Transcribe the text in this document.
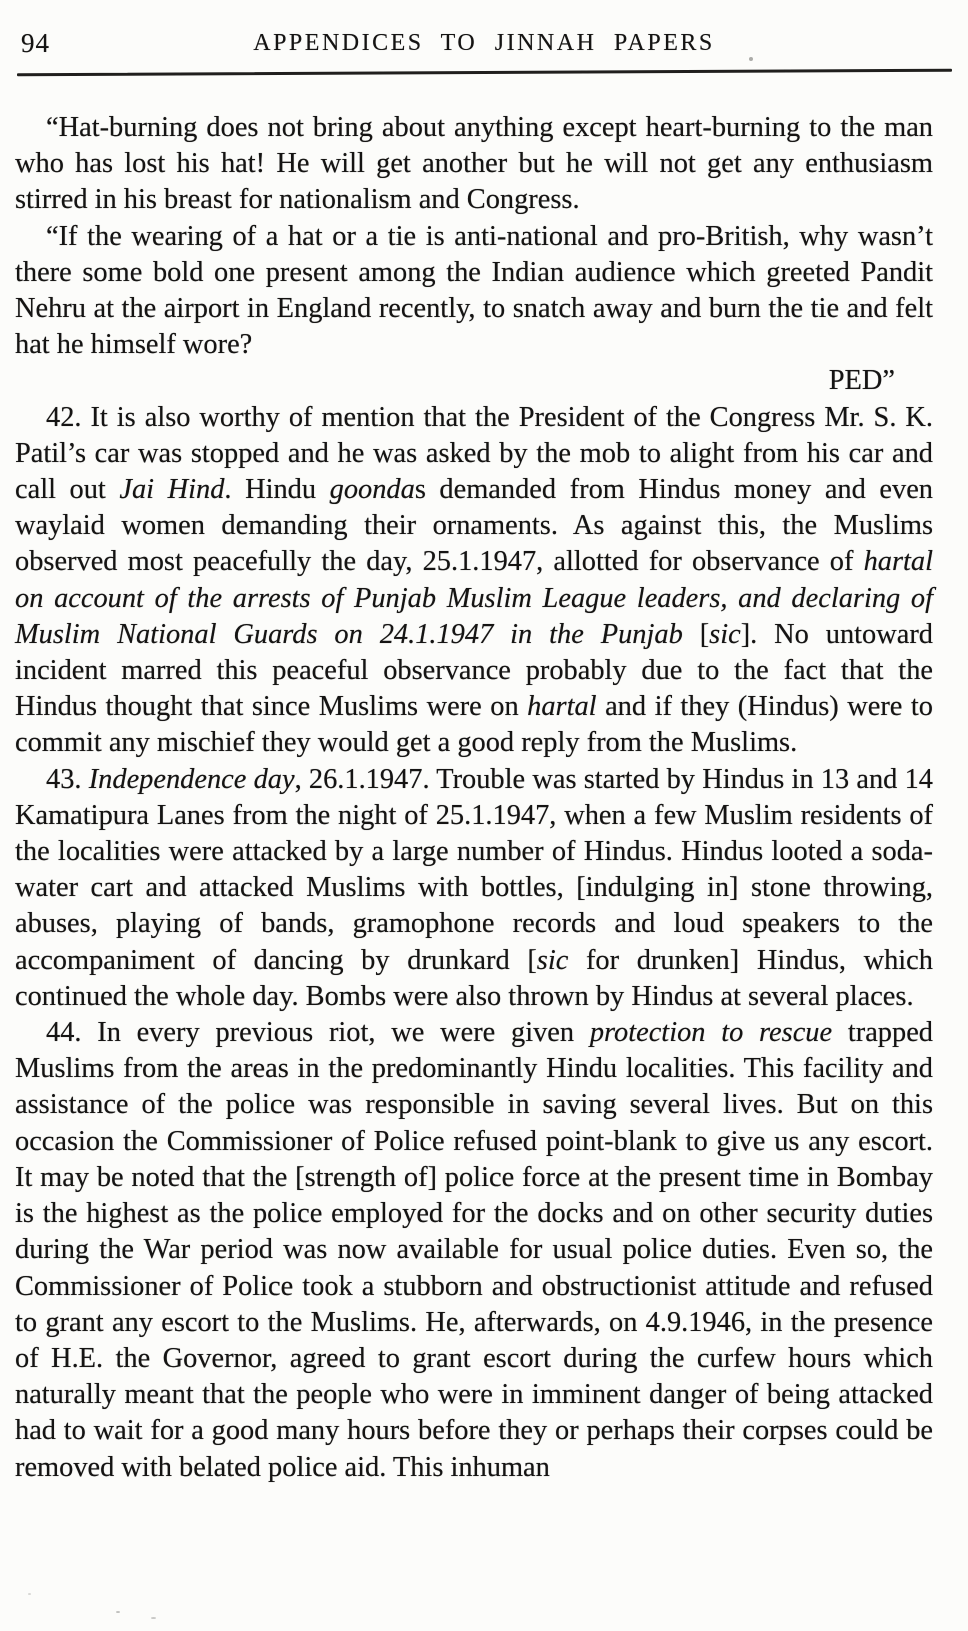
94	APPENDICES TO JINNAH PAPERS

“Hat-burning does not bring about anything except heart-burning to the man who has lost his hat! He will get another but he will not get any enthusiasm stirred in his breast for nationalism and Congress.

“If the wearing of a hat or a tie is anti-national and pro-British, why wasn’t there some bold one present among the Indian audience which greeted Pandit Nehru at the airport in England recently, to snatch away and burn the tie and felt hat he himself wore?

PED”

42. It is also worthy of mention that the President of the Congress Mr. S. K. Patil’s car was stopped and he was asked by the mob to alight from his car and call out Jai Hind. Hindu goondas demanded from Hindus money and even waylaid women demanding their ornaments. As against this, the Muslims observed most peacefully the day, 25.1.1947, allotted for observance of hartal on account of the arrests of Punjab Muslim League leaders, and declaring of Muslim National Guards on 24.1.1947 in the Punjab [sic]. No untoward incident marred this peaceful observance probably due to the fact that the Hindus thought that since Muslims were on hartal and if they (Hindus) were to commit any mischief they would get a good reply from the Muslims.

43. Independence day, 26.1.1947. Trouble was started by Hindus in 13 and 14 Kamatipura Lanes from the night of 25.1.1947, when a few Muslim residents of the localities were attacked by a large number of Hindus. Hindus looted a soda-water cart and attacked Muslims with bottles, [indulging in] stone throwing, abuses, playing of bands, gramophone records and loud speakers to the accompaniment of dancing by drunkard [sic for drunken] Hindus, which continued the whole day. Bombs were also thrown by Hindus at several places.

44. In every previous riot, we were given protection to rescue trapped Muslims from the areas in the predominantly Hindu localities. This facility and assistance of the police was responsible in saving several lives. But on this occasion the Commissioner of Police refused point-blank to give us any escort. It may be noted that the [strength of] police force at the present time in Bombay is the highest as the police employed for the docks and on other security duties during the War period was now available for usual police duties. Even so, the Commissioner of Police took a stubborn and obstructionist attitude and refused to grant any escort to the Muslims. He, afterwards, on 4.9.1946, in the presence of H.E. the Governor, agreed to grant escort during the curfew hours which naturally meant that the people who were in imminent danger of being attacked had to wait for a good many hours before they or perhaps their corpses could be removed with belated police aid. This inhuman
